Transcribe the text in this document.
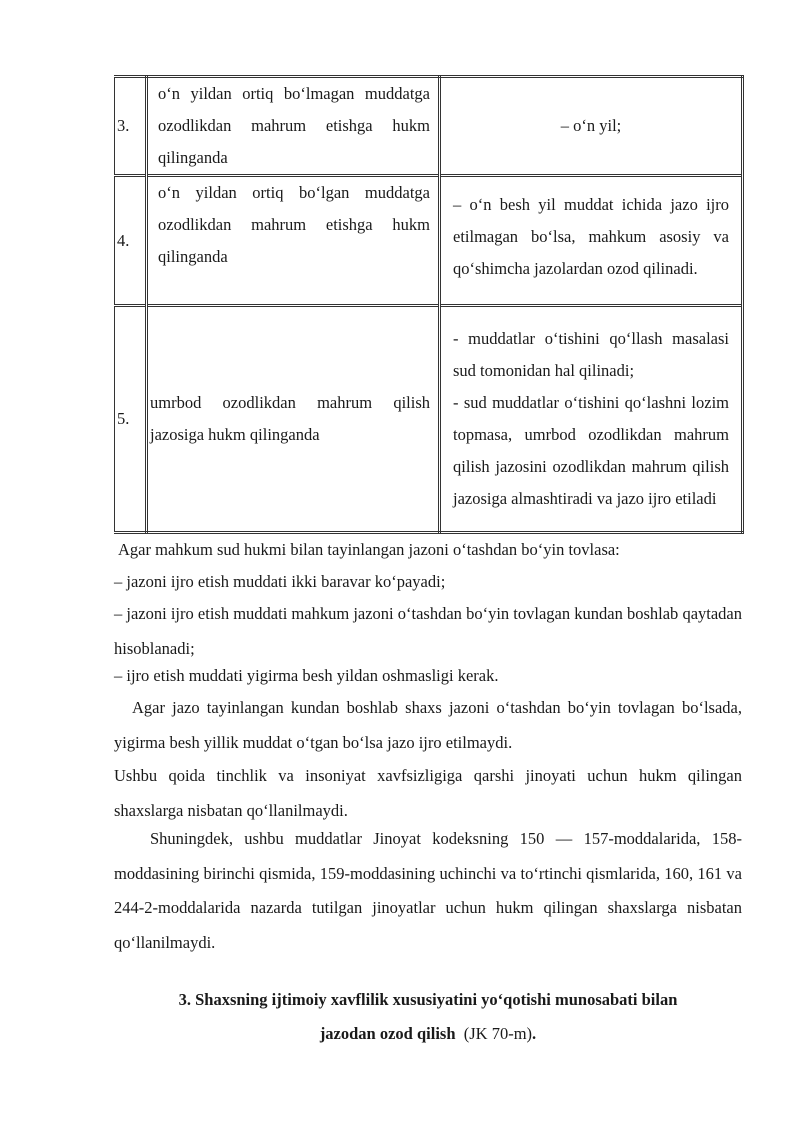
3.	o‘n yildan ortiq bo‘lmagan muddatga ozodlikdan mahrum etishga hukm qilinganda	– o‘n yil;

4.	o‘n yildan ortiq bo‘lgan muddatga ozodlikdan mahrum etishga hukm qilinganda	– o‘n besh yil muddat ichida jazo ijro etilmagan bo‘lsa, mahkum asosiy va qo‘shimcha jazolardan ozod qilinadi.

5.	umrbod ozodlikdan mahrum qilish jazosiga hukm qilinganda	- muddatlar o‘tishini qo‘llash masalasi sud tomonidan hal qilinadi;
- sud muddatlar o‘tishini qo‘lashni lozim topmasa, umrbod ozodlikdan mahrum qilish jazosini ozodlikdan mahrum qilish jazosiga almashtiradi va jazo ijro etiladi
Agar mahkum sud hukmi bilan tayinlangan jazoni o‘tashdan bo‘yin tovlasa:
– jazoni ijro etish muddati ikki baravar ko‘payadi;
– jazoni ijro etish muddati mahkum jazoni o‘tashdan bo‘yin tovlagan kundan boshlab qaytadan hisoblanadi;
– ijro etish muddati yigirma besh yildan oshmasligi kerak.
Agar jazo tayinlangan kundan boshlab shaxs jazoni o‘tashdan bo‘yin tovlagan bo‘lsada, yigirma besh yillik muddat o‘tgan bo‘lsa jazo ijro etilmaydi.
Ushbu qoida tinchlik va insoniyat xavfsizligiga qarshi jinoyati uchun hukm qilingan shaxslarga nisbatan qo‘llanilmaydi.
Shuningdek, ushbu muddatlar Jinoyat kodeksning 150 — 157-moddalarida, 158-moddasining birinchi qismida, 159-moddasining uchinchi va to‘rtinchi qismlarida, 160, 161 va 244-2-moddalarida nazarda tutilgan jinoyatlar uchun hukm qilingan shaxslarga nisbatan qo‘llanilmaydi.
3. Shaxsning ijtimoiy xavflilik xususiyatini yo‘qotishi munosabati bilan
jazodan ozod qilish (JK 70-m).
